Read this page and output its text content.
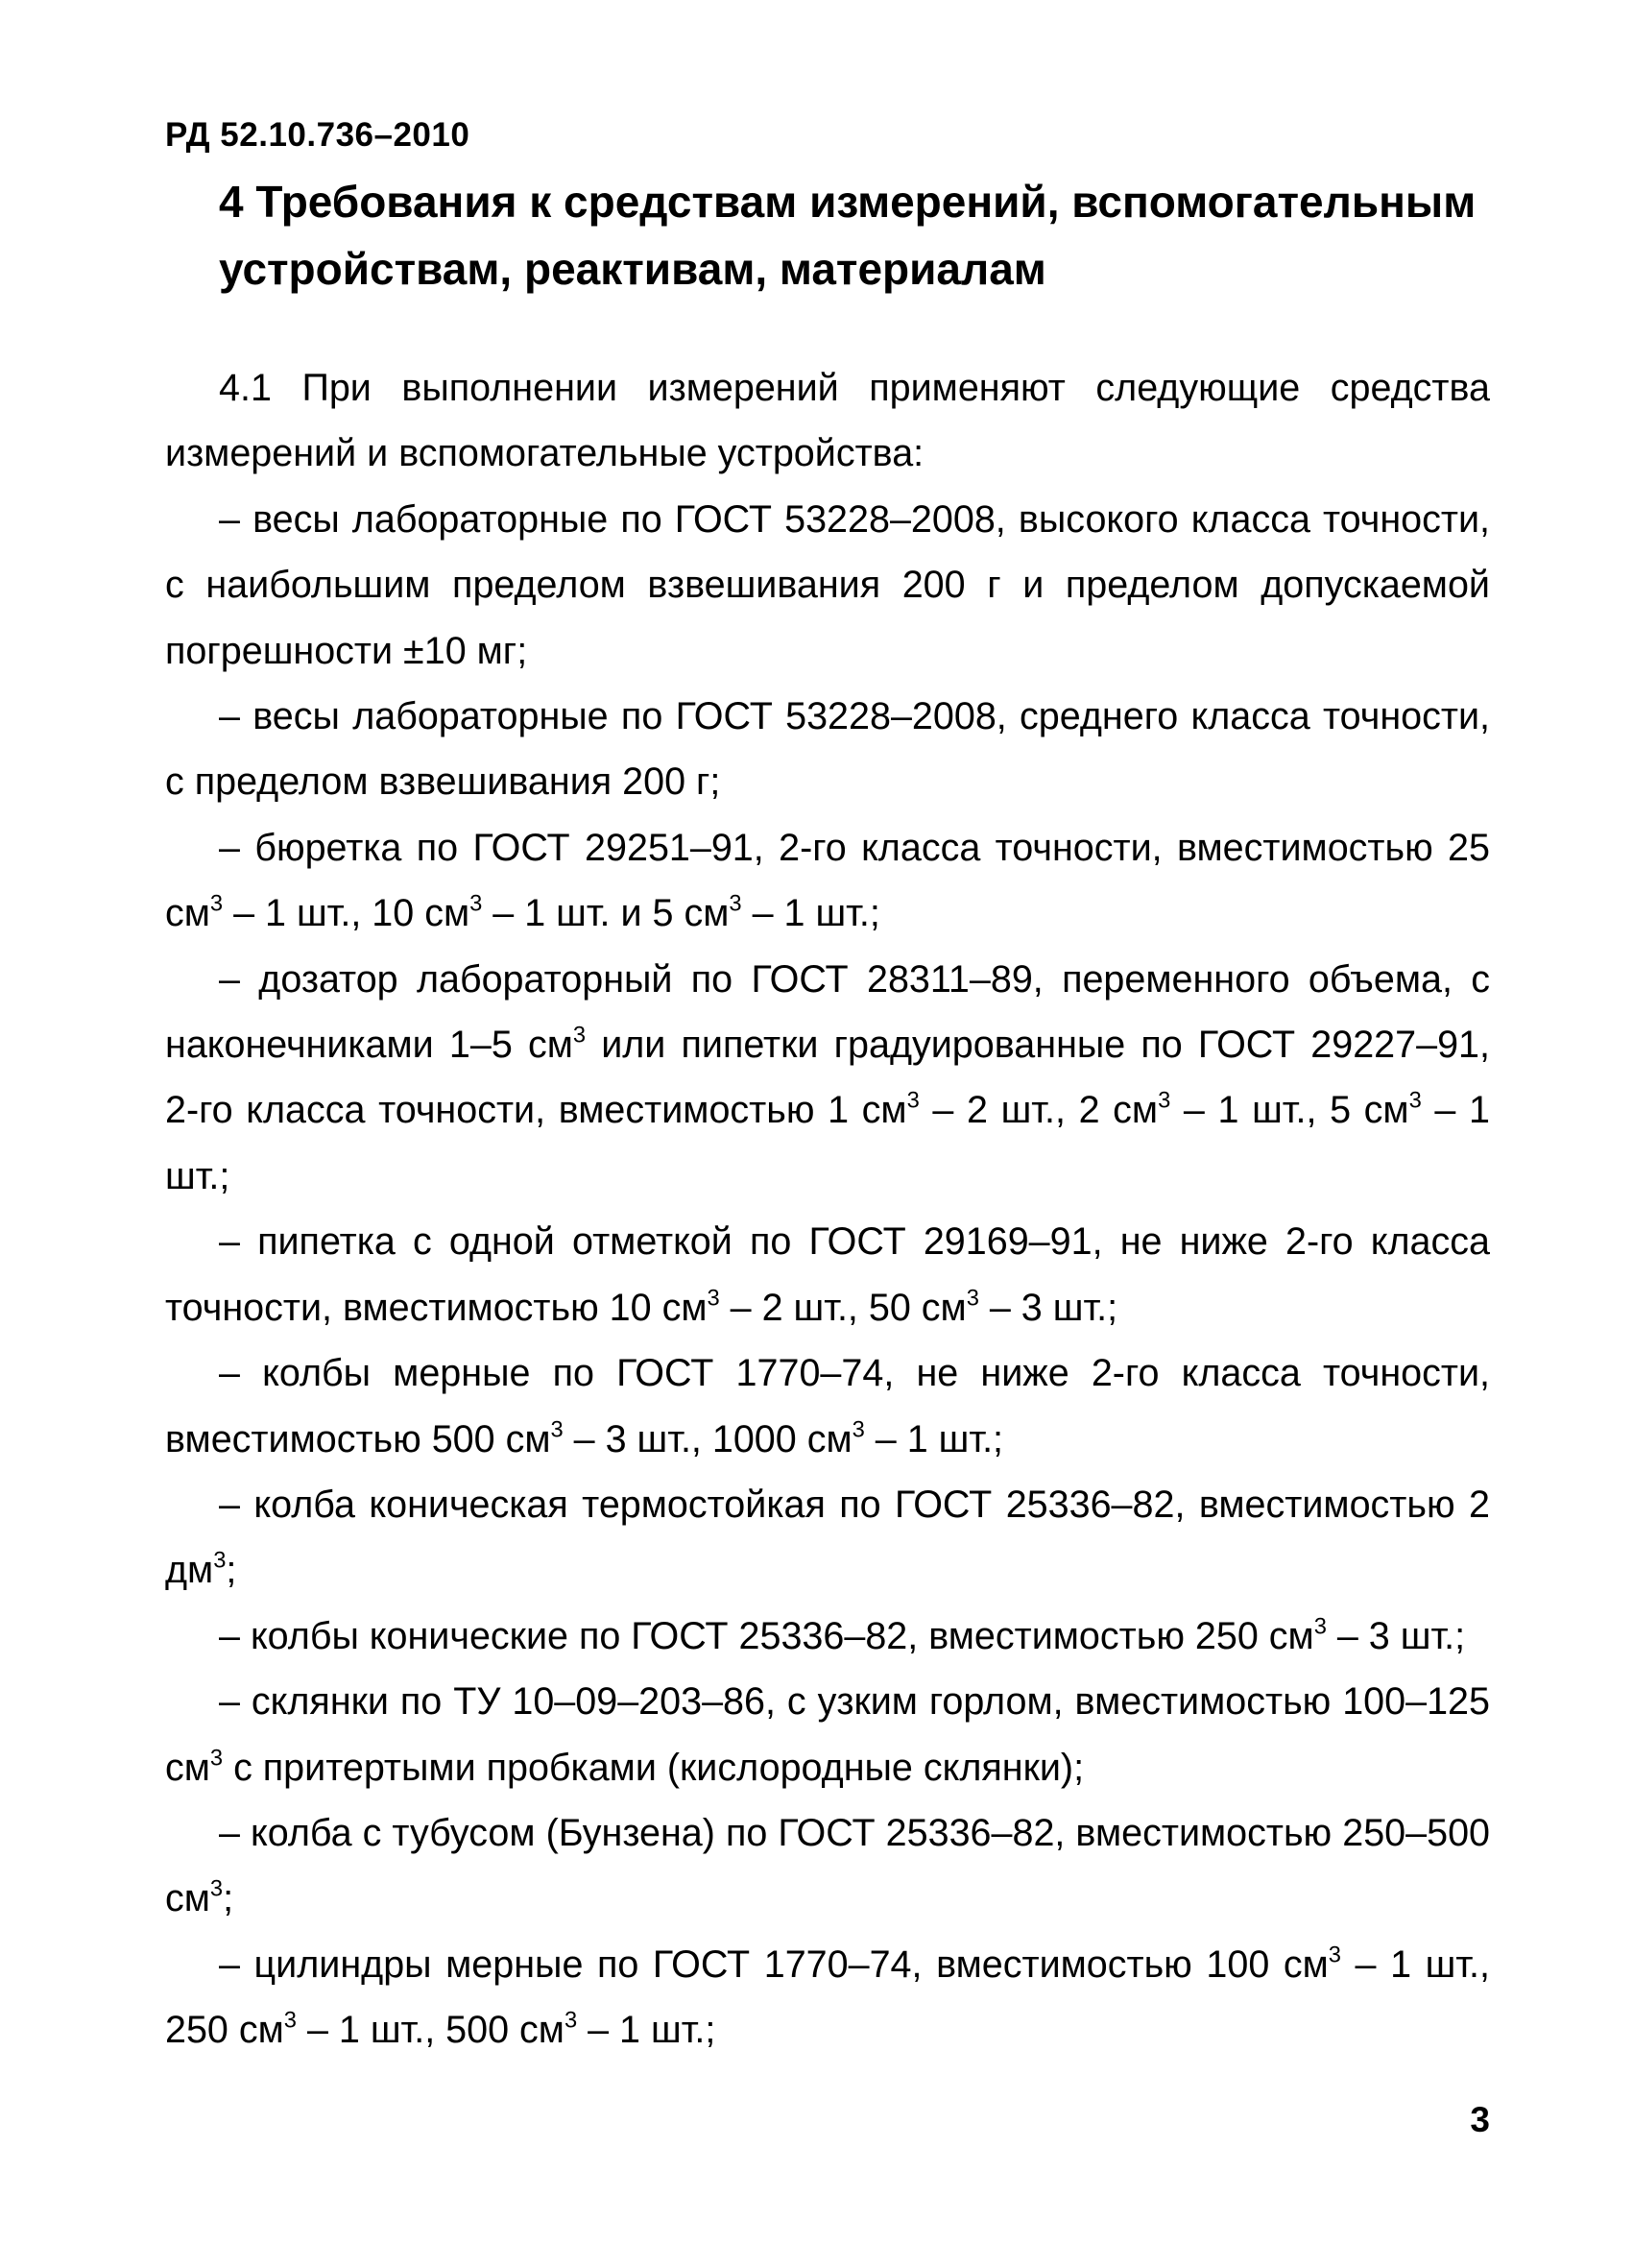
РД 52.10.736–2010
4 Требования к средствам измерений, вспомогательным
устройствам, реактивам, материалам

4.1 При выполнении измерений применяют следующие средства измерений и вспомогательные устройства:

– весы лабораторные по ГОСТ 53228–2008, высокого класса точности, с наибольшим пределом взвешивания 200 г и пределом допускаемой погрешности ±10 мг;

– весы лабораторные по ГОСТ 53228–2008, среднего класса точности, с пределом взвешивания 200 г;

– бюретка по ГОСТ 29251–91, 2-го класса точности, вместимостью 25 $см^3 - 1$ шт., 10 $см^3 - 1$ шт. и 5 $см^3 - 1$ шт.;

– дозатор лабораторный по ГОСТ 28311–89, переменного объема, с наконечниками 1–5 $см^3$ или пипетки градуированные по ГОСТ 29227–91, 2-го класса точности, вместимостью 1 $см^3 - 2$ шт., 2 $см^3 - 1$ шт., 5 $см^3 - 1$ шт.;

– пипетка с одной отметкой по ГОСТ 29169–91, не ниже 2-го класса точности, вместимостью 10 $см^3 - 2$ шт., 50 $см^3 - 3$ шт.;

– колбы мерные по ГОСТ 1770–74, не ниже 2-го класса точности, вместимостью 500 $см^3 - 3$ шт., 1000 $см^3 - 1$ шт.;

– колба коническая термостойкая по ГОСТ 25336–82, вместимостью 2 $дм^3$;

– колбы конические по ГОСТ 25336–82, вместимостью 250 $см^3 - 3$ шт.;

– склянки по ТУ 10–09–203–86, с узким горлом, вместимостью 100–125 $см^3$ с притертыми пробками (кислородные склянки);

– колба с тубусом (Бунзена) по ГОСТ 25336–82, вместимостью 250–500 $см^3$;

– цилиндры мерные по ГОСТ 1770–74, вместимостью 100 $см^3 - 1$ шт., 250 $см^3 - 1$ шт., 500 $см^3 - 1$ шт.;

3
